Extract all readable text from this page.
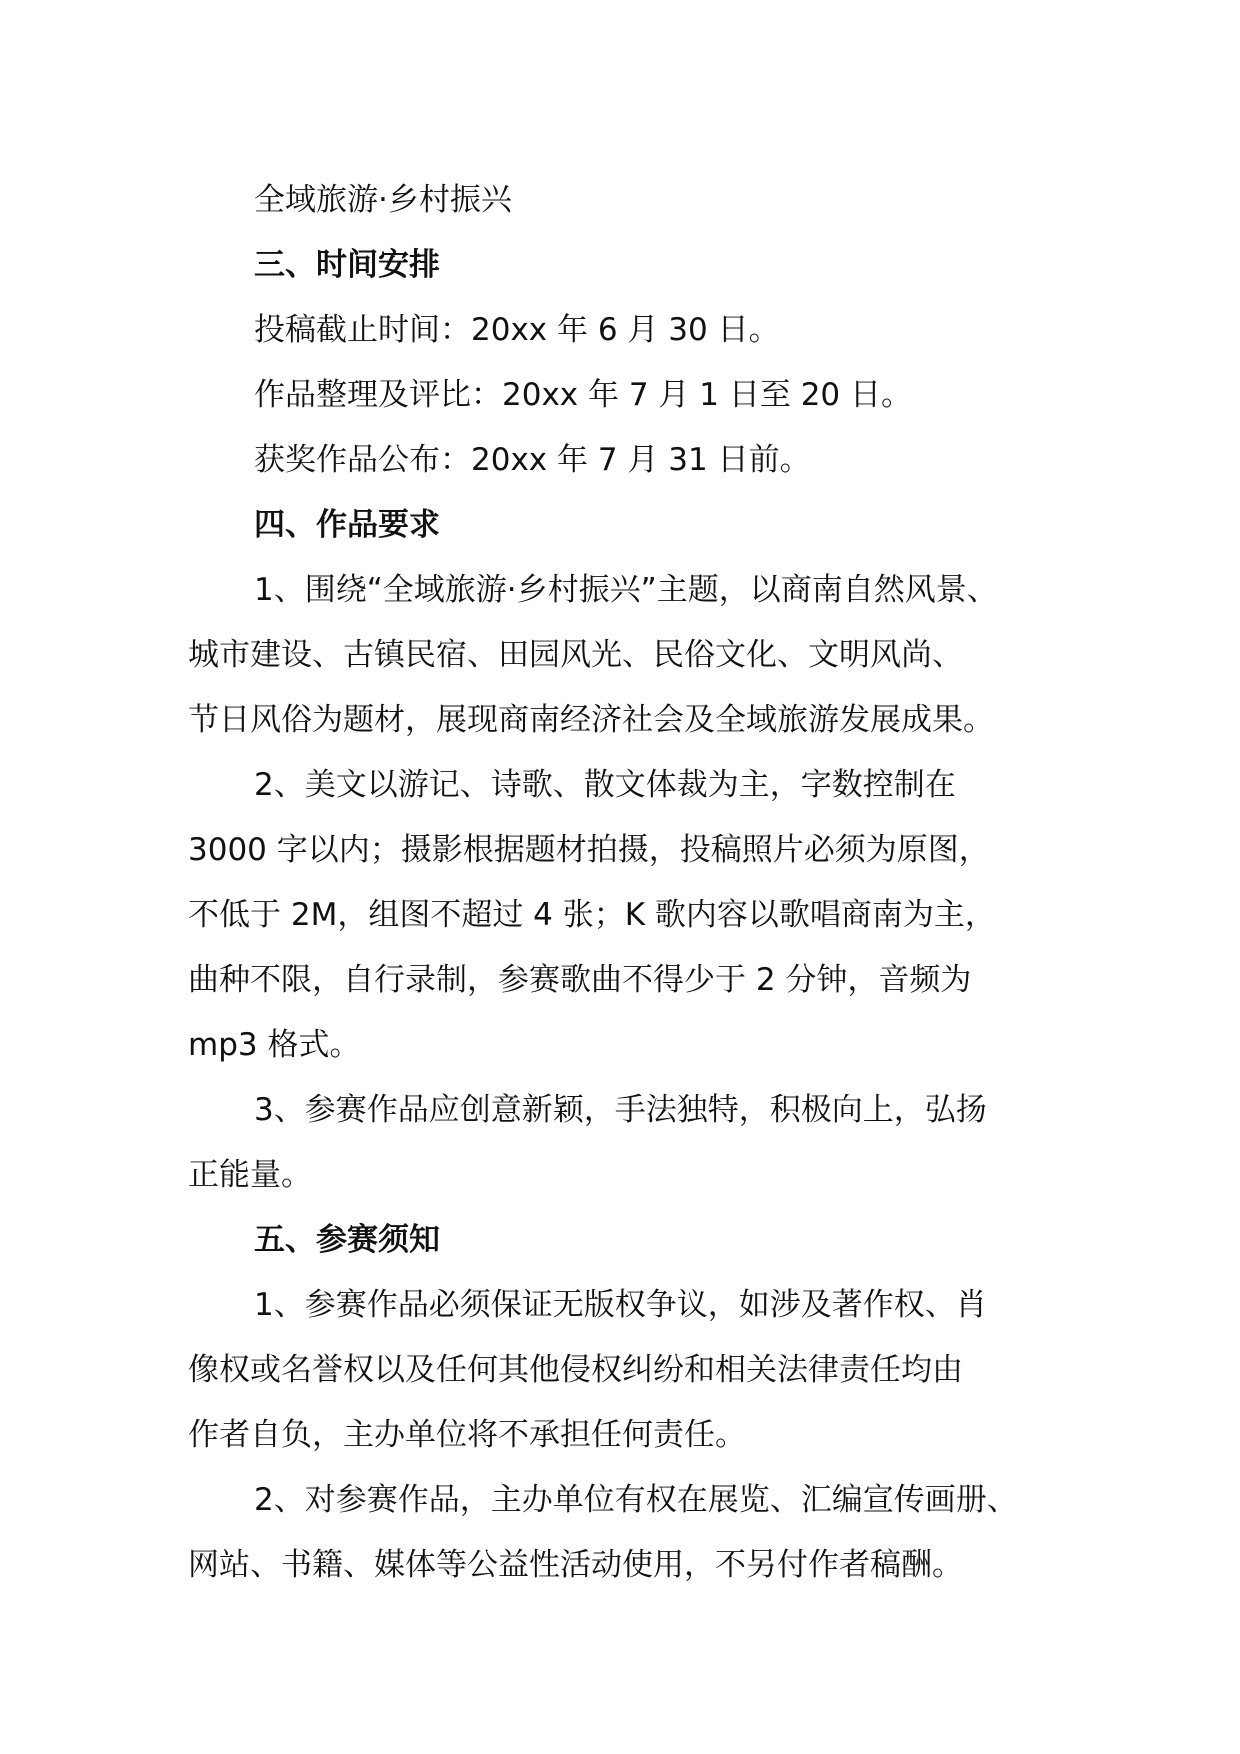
全域旅游·乡村振兴
三、时间安排
投稿截止时间：20xx 年 6 月 30 日。
作品整理及评比：20xx 年 7 月 1 日至 20 日。
获奖作品公布：20xx 年 7 月 31 日前。
四、作品要求
1、围绕“全域旅游·乡村振兴”主题，以商南自然风景、
城市建设、古镇民宿、田园风光、民俗文化、文明风尚、
节日风俗为题材，展现商南经济社会及全域旅游发展成果。
2、美文以游记、诗歌、散文体裁为主，字数控制在
3000 字以内；摄影根据题材拍摄，投稿照片必须为原图，
不低于 2M，组图不超过 4 张；K 歌内容以歌唱商南为主，
曲种不限，自行录制，参赛歌曲不得少于 2 分钟，音频为
mp3 格式。
3、参赛作品应创意新颖，手法独特，积极向上，弘扬
正能量。
五、参赛须知
1、参赛作品必须保证无版权争议，如涉及著作权、肖
像权或名誉权以及任何其他侵权纠纷和相关法律责任均由
作者自负，主办单位将不承担任何责任。
2、对参赛作品，主办单位有权在展览、汇编宣传画册、
网站、书籍、媒体等公益性活动使用，不另付作者稿酬。
